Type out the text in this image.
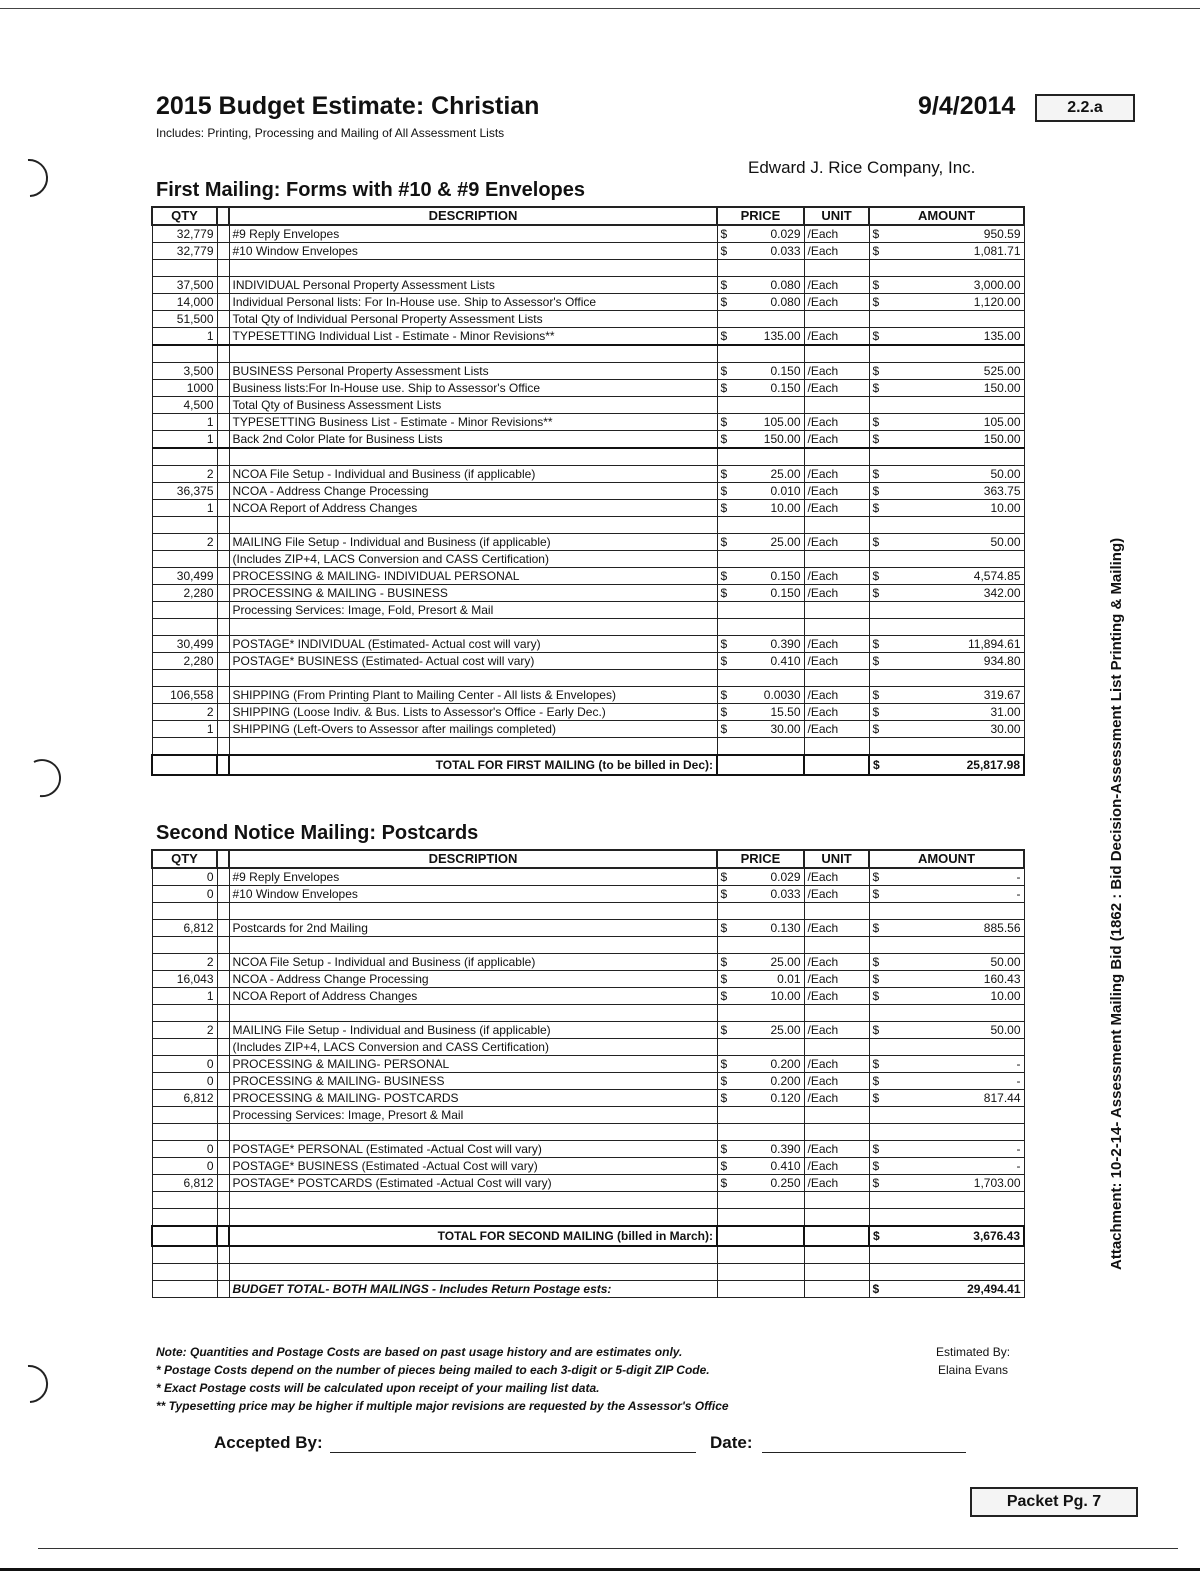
2015 Budget Estimate: Christian
Includes: Printing, Processing and Mailing of All Assessment Lists
9/4/2014	2.2.a
Edward J. Rice Company, Inc.
First Mailing: Forms with #10 & #9 Envelopes
QTY		DESCRIPTION	PRICE	UNIT	AMOUNT
32,779		#9 Reply Envelopes	$ 0.029	/Each	$ 950.59
32,779		#10 Window Envelopes	$ 0.033	/Each	$ 1,081.71

37,500		INDIVIDUAL Personal Property Assessment Lists	$ 0.080	/Each	$ 3,000.00
14,000		Individual Personal lists: For In-House use. Ship to Assessor's Office	$ 0.080	/Each	$ 1,120.00
51,500		Total Qty of Individual Personal Property Assessment Lists	

1		TYPESETTING Individual List - Estimate - Minor Revisions**	$ 135.00	/Each	$ 135.00

3,500		BUSINESS Personal Property Assessment Lists	$ 0.150	/Each	$ 525.00
1000		Business lists:For In-House use. Ship to Assessor's Office	$ 0.150	/Each	$ 150.00
4,500		Total Qty of Business Assessment Lists	

1		TYPESETTING Business List - Estimate - Minor Revisions**	$ 105.00	/Each	$ 105.00
1		Back 2nd Color Plate for Business Lists	$ 150.00	/Each	$ 150.00

2		NCOA File Setup - Individual and Business (if applicable)	$ 25.00	/Each	$ 50.00
36,375		NCOA - Address Change Processing	$ 0.010	/Each	$ 363.75
1		NCOA Report of Address Changes	$ 10.00	/Each	$ 10.00

2		MAILING File Setup - Individual and Business (if applicable)	$ 25.00	/Each	$ 50.00
		(Includes ZIP+4, LACS Conversion and CASS Certification)	

30,499		PROCESSING & MAILING- INDIVIDUAL PERSONAL	$ 0.150	/Each	$ 4,574.85
2,280		PROCESSING & MAILING - BUSINESS	$ 0.150	/Each	$ 342.00
		Processing Services: Image, Fold, Presort & Mail	

30,499		POSTAGE* INDIVIDUAL (Estimated- Actual cost will vary)	$ 0.390	/Each	$ 11,894.61
2,280		POSTAGE* BUSINESS (Estimated- Actual cost will vary)	$ 0.410	/Each	$ 934.80

106,558		SHIPPING (From Printing Plant to Mailing Center - All lists & Envelopes)	$ 0.0030	/Each	$ 319.67
2		SHIPPING (Loose Indiv. & Bus. Lists to Assessor's Office - Early Dec.)	$ 15.50	/Each	$ 31.00
1		SHIPPING (Left-Overs to Assessor after mailings completed)	$ 30.00	/Each	$ 30.00

		TOTAL FOR FIRST MAILING (to be billed in Dec):			$ 25,817.98
Second Notice Mailing: Postcards
QTY		DESCRIPTION	PRICE	UNIT	AMOUNT
0		#9 Reply Envelopes	$ 0.029	/Each	$ -
0		#10 Window Envelopes	$ 0.033	/Each	$ -

6,812		Postcards for 2nd Mailing	$ 0.130	/Each	$ 885.56

2		NCOA File Setup - Individual and Business (if applicable)	$ 25.00	/Each	$ 50.00
16,043		NCOA - Address Change Processing	$ 0.01	/Each	$ 160.43
1		NCOA Report of Address Changes	$ 10.00	/Each	$ 10.00

2		MAILING File Setup - Individual and Business (if applicable)	$ 25.00	/Each	$ 50.00
		(Includes ZIP+4, LACS Conversion and CASS Certification)	

0		PROCESSING & MAILING- PERSONAL	$ 0.200	/Each	$ -
0		PROCESSING & MAILING- BUSINESS	$ 0.200	/Each	$ -
6,812		PROCESSING & MAILING- POSTCARDS	$ 0.120	/Each	$ 817.44
		Processing Services: Image, Presort & Mail	

0		POSTAGE* PERSONAL (Estimated -Actual Cost will vary)	$ 0.390	/Each	$ -
0		POSTAGE* BUSINESS (Estimated -Actual Cost will vary)	$ 0.410	/Each	$ -
6,812		POSTAGE* POSTCARDS (Estimated -Actual Cost will vary)	$ 0.250	/Each	$ 1,703.00

		TOTAL FOR SECOND MAILING (billed in March):			$ 3,676.43

		BUDGET TOTAL- BOTH MAILINGS - Includes Return Postage ests:			$ 29,494.41
Note: Quantities and Postage Costs are based on past usage history and are estimates only.
* Postage Costs depend on the number of pieces being mailed to each 3-digit or 5-digit ZIP Code.
* Exact Postage costs will be calculated upon receipt of your mailing list data.
** Typesetting price may be higher if multiple major revisions are requested by the Assessor's Office
Estimated By:
Elaina Evans
Accepted By:	Date:
Packet Pg. 7
Attachment: 10-2-14- Assessment Mailing Bid (1862 : Bid Decision-Assessment List Printing & Mailing)
